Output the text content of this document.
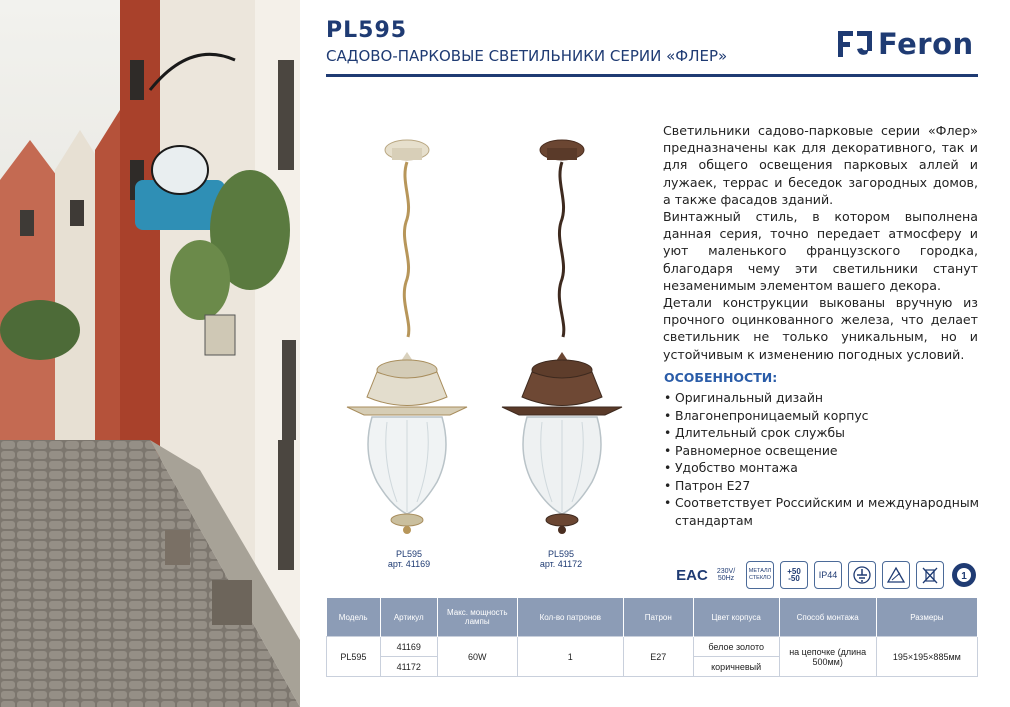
PL595
САДОВО-ПАРКОВЫЕ СВЕТИЛЬНИКИ СЕРИИ «ФЛЕР»	Feron
PL595
арт. 41169
PL595
арт. 41172

Светильники садово-парковые серии «Флер» предназначены как для декоративного, так и для общего освещения парковых аллей и лужаек, террас и беседок загородных домов, а также фасадов зданий.

Винтажный стиль, в котором выполнена данная серия, точно передает атмосферу и уют маленького французского городка, благодаря чему эти светильники станут незаменимым элементом вашего декора.

Детали конструкции выкованы вручную из прочного оцинкованного железа, что делает светильник не только уникальным, но и устойчивым к изменению погодных условий.

ОСОБЕННОСТИ:
• Оригинальный дизайн
• Влагонепроницаемый корпус
• Длительный срок службы
• Равномерное освещение
• Удобство монтажа
• Патрон E27
• Соответствует Российским и международным стандартам
EAC	230V/ 50Hz
МЕТАЛЛ СТЕКЛО
+50 -50	IP44	1
Модель	Артикул	Макс. мощность лампы	Кол-во патронов	Патрон	Цвет корпуса	Способ монтажа	Размеры
PL595	41169	60W	1	E27	белое золото	на цепочке (длина 500мм)	195×195×885мм
	41172				коричневый		
